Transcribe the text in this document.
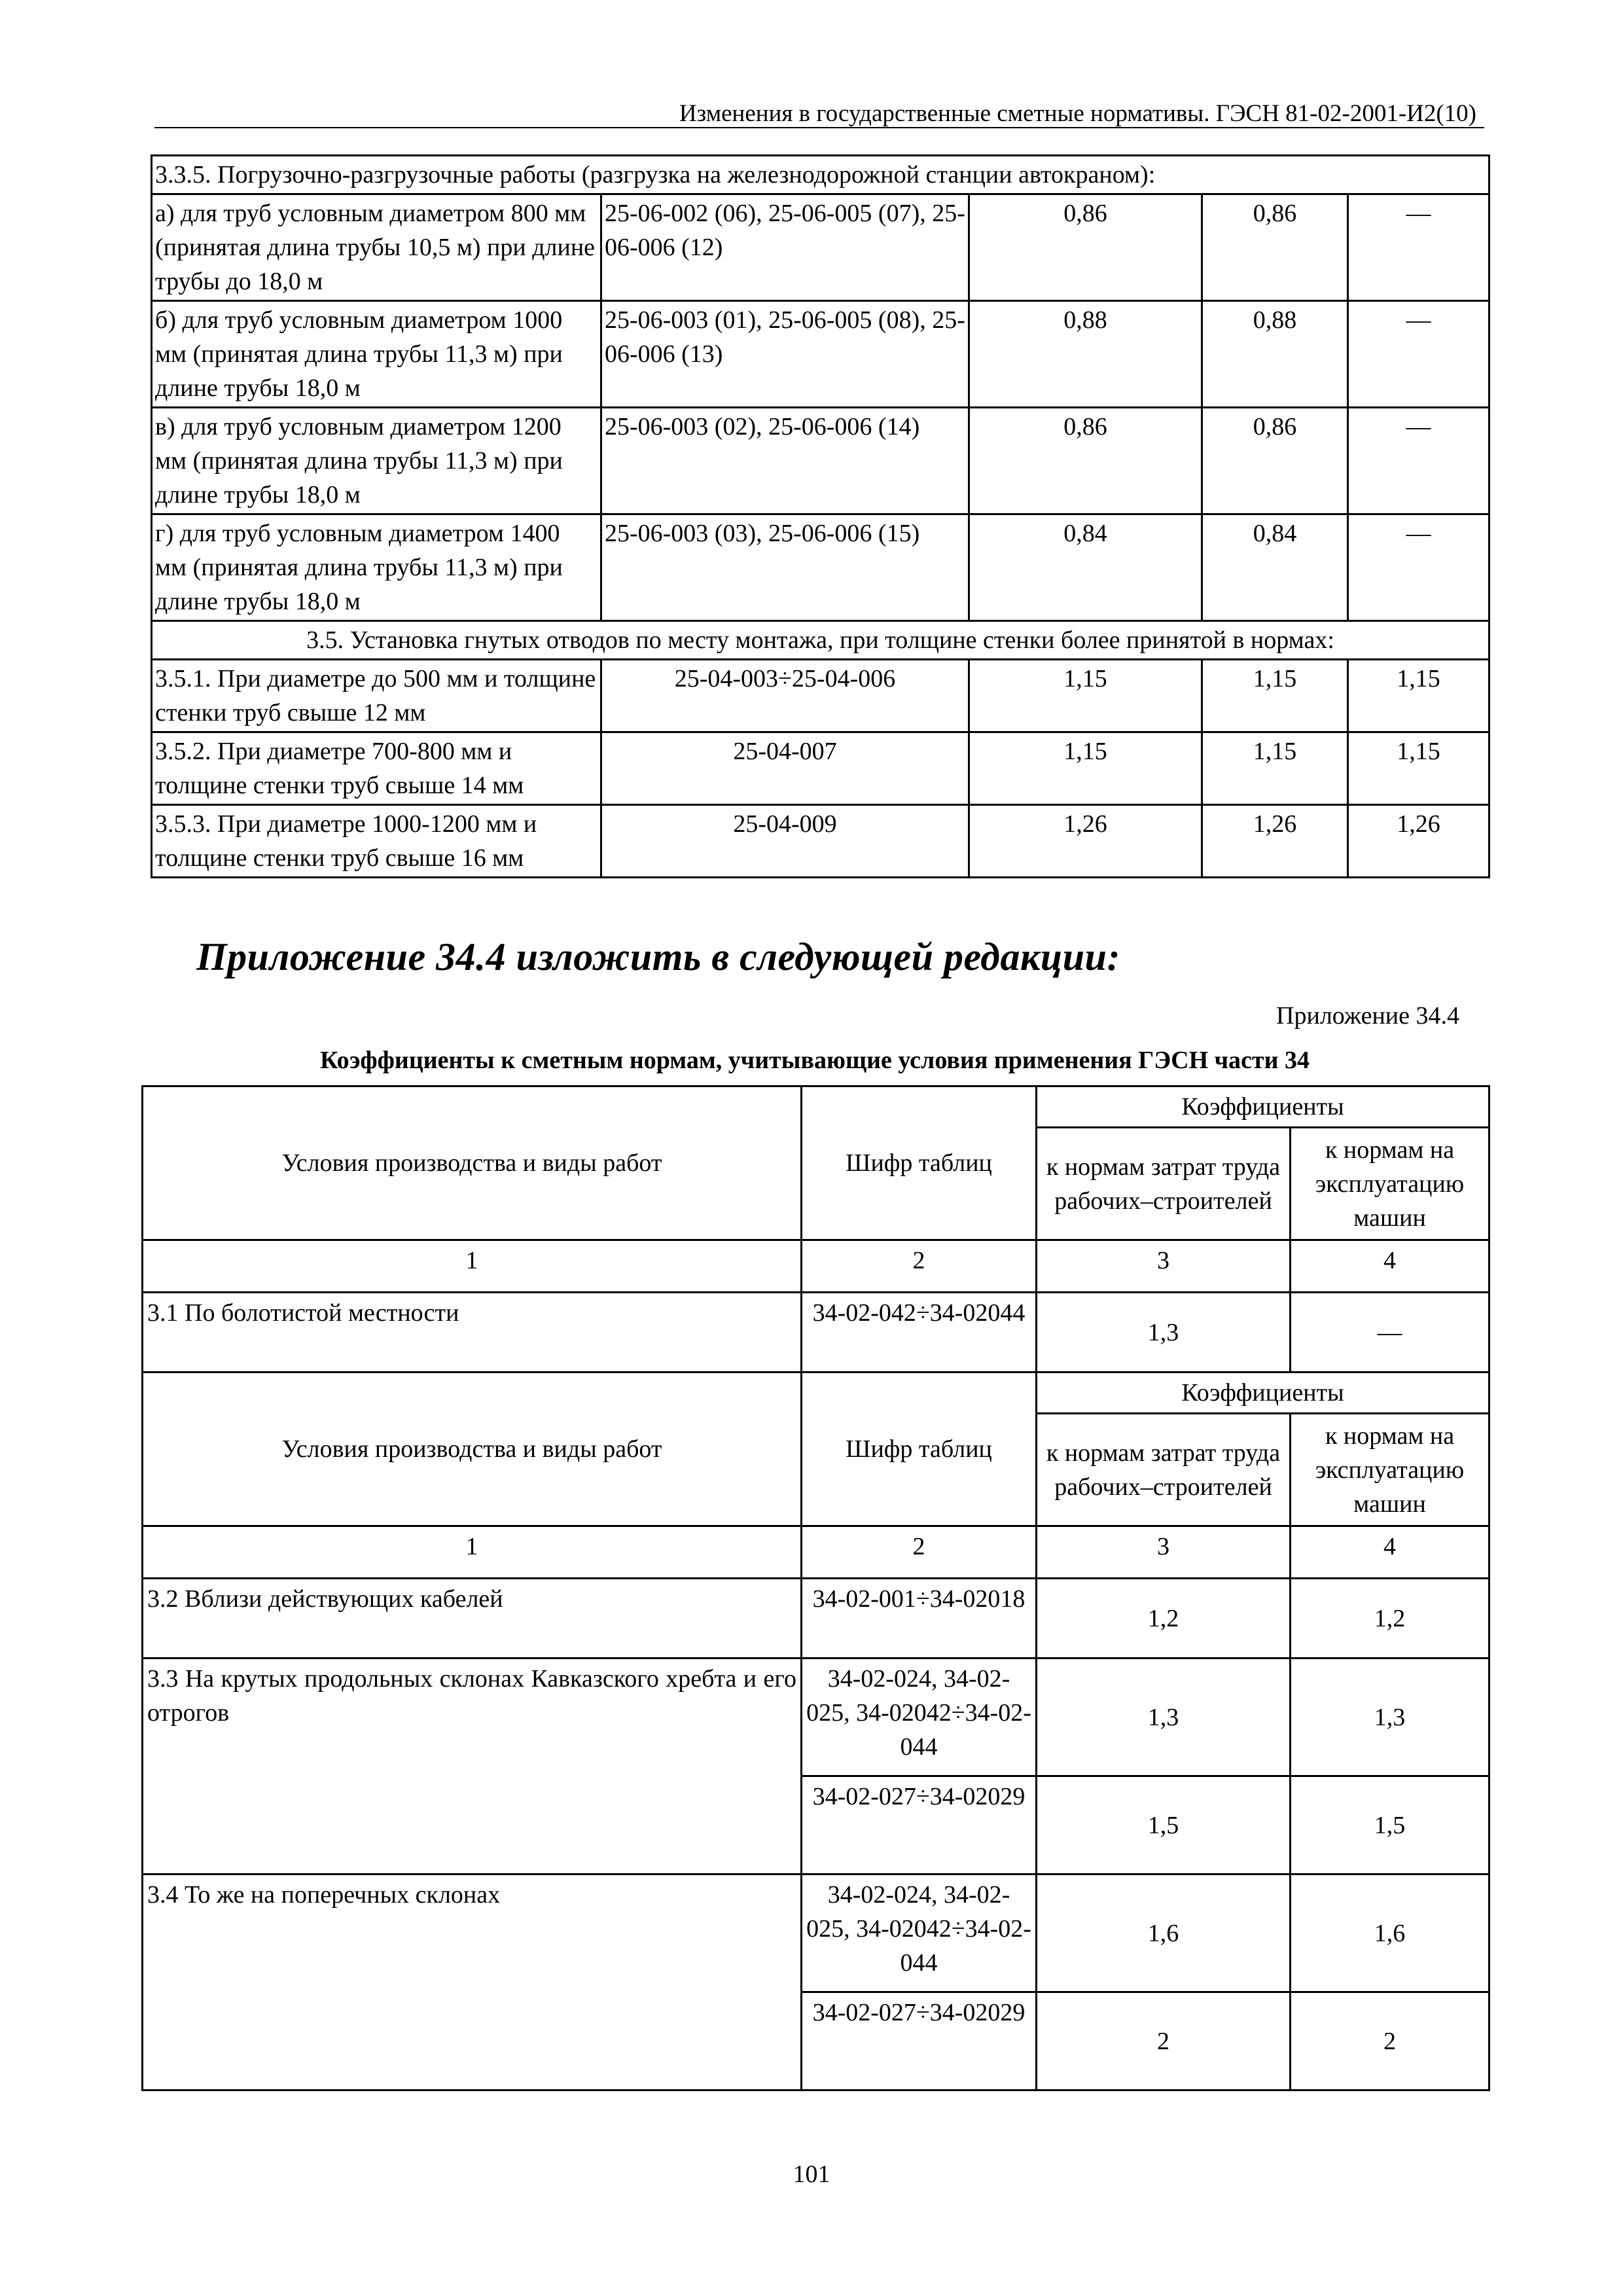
Изменения в государственные сметные нормативы. ГЭСН 81-02-2001-И2(10)
3.3.5. Погрузочно-разгрузочные работы (разгрузка на железнодорожной станции автокраном):				
а) для труб условным диаметром 800 мм (принятая длина трубы 10,5 м) при длине трубы до 18,0 м	25-06-002 (06), 25-06-005 (07), 25-06-006 (12)	0,86	0,86	—
б) для труб условным диаметром 1000 мм (принятая длина трубы 11,3 м) при длине трубы 18,0 м	25-06-003 (01), 25-06-005 (08), 25-06-006 (13)	0,88	0,88	—
в) для труб условным диаметром 1200 мм (принятая длина трубы 11,3 м) при длине трубы 18,0 м	25-06-003 (02), 25-06-006 (14)	0,86	0,86	—
г) для труб условным диаметром 1400 мм (принятая длина трубы 11,3 м) при длине трубы 18,0 м	25-06-003 (03), 25-06-006 (15)	0,84	0,84	—
3.5. Установка гнутых отводов по месту монтажа, при толщине стенки более принятой в нормах:				
3.5.1. При диаметре до 500 мм и толщине стенки труб свыше 12 мм	25-04-003÷25-04-006	1,15	1,15	1,15
3.5.2. При диаметре 700-800 мм и толщине стенки труб свыше 14 мм	25-04-007	1,15	1,15	1,15
3.5.3. При диаметре 1000-1200 мм и толщине стенки труб свыше 16 мм	25-04-009	1,26	1,26	1,26
Приложение 34.4 изложить в следующей редакции:
Приложение 34.4
Коэффициенты к сметным нормам, учитывающие условия применения ГЭСН части 34
Условия производства и виды работ	Шифр таблиц	Коэффициенты	
		к нормам затрат труда рабочих–строителей	к нормам на эксплуатацию машин
1	2	3	4
3.1 По болотистой местности	34-02-042÷34-02044	1,3	—
Условия производства и виды работ	Шифр таблиц	Коэффициенты	
		к нормам затрат труда рабочих–строителей	к нормам на эксплуатацию машин
1	2	3	4
3.2 Вблизи действующих кабелей	34-02-001÷34-02018	1,2	1,2
3.3 На крутых продольных склонах Кавказского хребта и его отрогов	34-02-024, 34-02-025, 34-02042÷34-02-044	1,3	1,3
	34-02-027÷34-02029	1,5	1,5
3.4 То же на поперечных склонах	34-02-024, 34-02-025, 34-02042÷34-02-044	1,6	1,6
	34-02-027÷34-02029	2	2
101
